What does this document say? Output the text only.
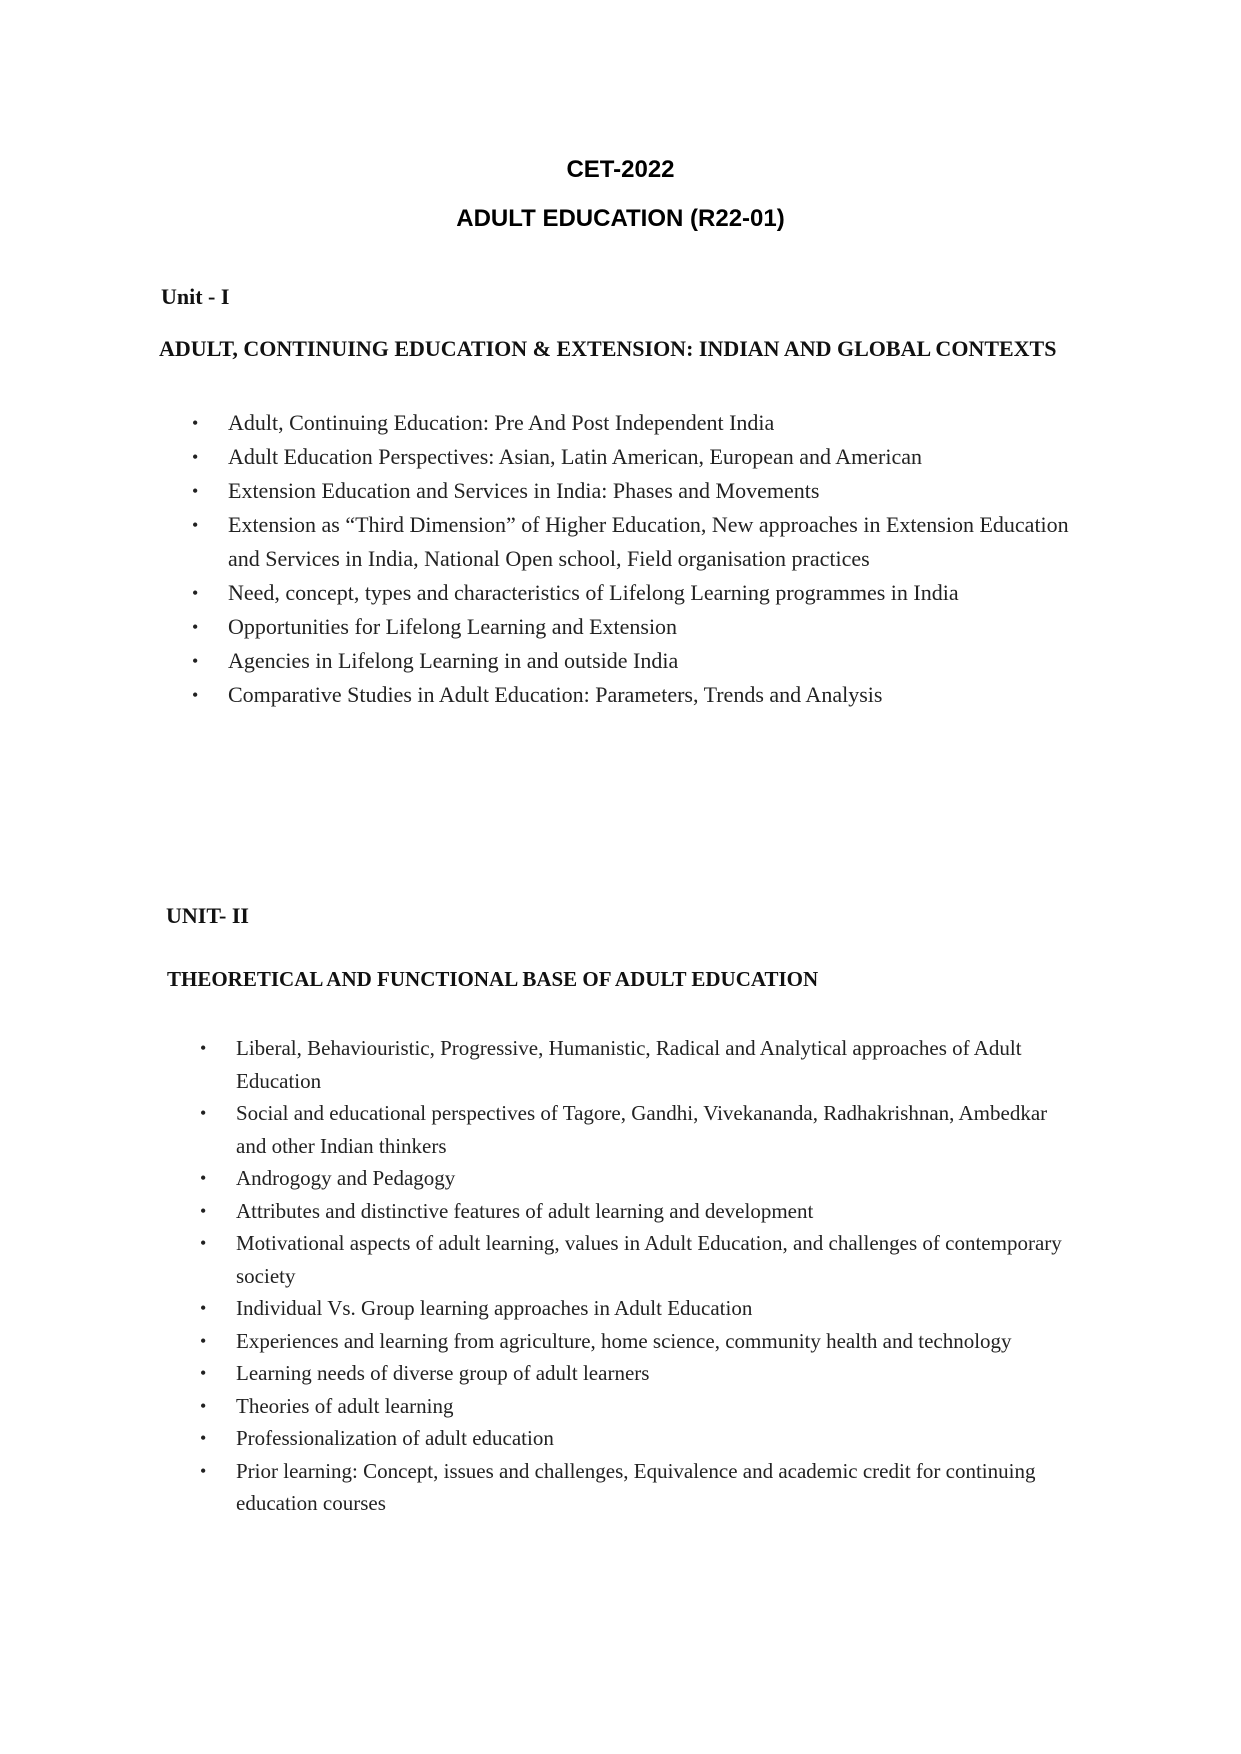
CET-2022
ADULT EDUCATION (R22-01)

Unit - I

ADULT, CONTINUING EDUCATION & EXTENSION: INDIAN AND GLOBAL CONTEXTS

• Adult, Continuing Education: Pre And Post Independent India
• Adult Education Perspectives: Asian, Latin American, European and American
• Extension Education and Services in India: Phases and Movements
• Extension as “Third Dimension” of Higher Education, New approaches in Extension Education and Services in India, National Open school, Field organisation practices
• Need, concept, types and characteristics of Lifelong Learning programmes in India
• Opportunities for Lifelong Learning and Extension
• Agencies in Lifelong Learning in and outside India
• Comparative Studies in Adult Education: Parameters, Trends and Analysis

UNIT- II

THEORETICAL AND FUNCTIONAL BASE OF ADULT EDUCATION

• Liberal, Behaviouristic, Progressive, Humanistic, Radical and Analytical approaches of Adult Education
• Social and educational perspectives of Tagore, Gandhi, Vivekananda, Radhakrishnan, Ambedkar and other Indian thinkers
• Androgogy and Pedagogy
• Attributes and distinctive features of adult learning and development
• Motivational aspects of adult learning, values in Adult Education, and challenges of contemporary society
• Individual Vs. Group learning approaches in Adult Education
• Experiences and learning from agriculture, home science, community health and technology
• Learning needs of diverse group of adult learners
• Theories of adult learning
• Professionalization of adult education
• Prior learning: Concept, issues and challenges, Equivalence and academic credit for continuing education courses
